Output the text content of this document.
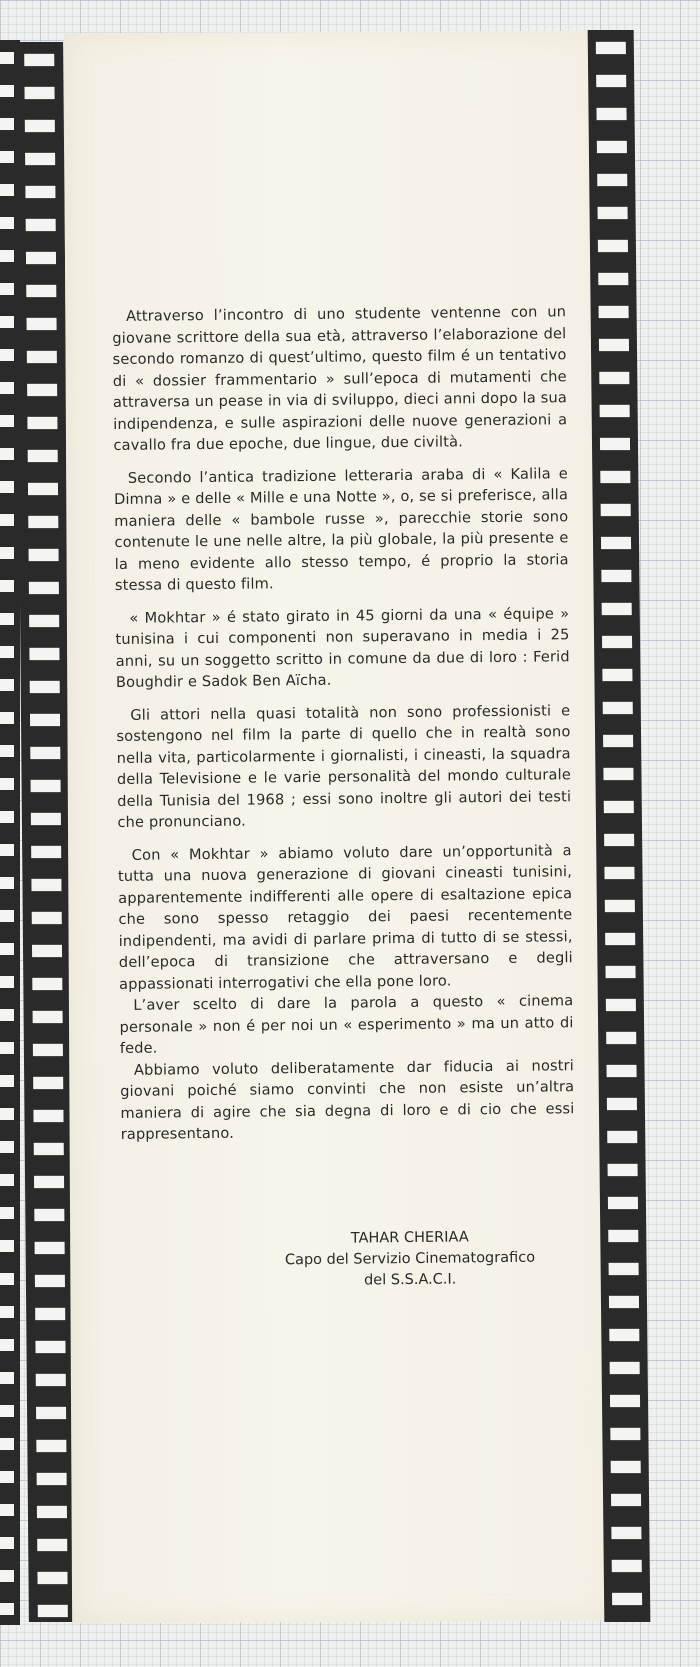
Attraverso l’incontro di uno studente ventenne con un giovane scrittore della sua età, attraverso l’elaborazione del secondo romanzo di quest’ultimo, questo film é un tentativo di « dossier frammentario » sull’epoca di mutamenti che attraversa un pease in via di sviluppo, dieci anni dopo la sua indipendenza, e sulle aspirazioni delle nuove generazioni a cavallo fra due epoche, due lingue, due civiltà.

Secondo l’antica tradizione letteraria araba di « Kalila e Dimna » e delle « Mille e una Notte », o, se si preferisce, alla maniera delle « bambole russe », parecchie storie sono contenute le une nelle altre, la più globale, la più presente e la meno evidente allo stesso tempo, é proprio la storia stessa di questo film.

« Mokhtar » é stato girato in 45 giorni da una « équipe » tunisina i cui componenti non superavano in media i 25 anni, su un soggetto scritto in comune da due di loro : Ferid Boughdir e Sadok Ben Aïcha.

Gli attori nella quasi totalità non sono professionisti e sostengono nel film la parte di quello che in realtà sono nella vita, particolarmente i giornalisti, i cineasti, la squadra della Televisione e le varie personalità del mondo culturale della Tunisia del 1968 ; essi sono inoltre gli autori dei testi che pronunciano.

Con « Mokhtar » abiamo voluto dare un’opportunità a tutta una nuova generazione di giovani cineasti tunisini, apparentemente indifferenti alle opere di esaltazione epica che sono spesso retaggio dei paesi recentemente indipendenti, ma avidi di parlare prima di tutto di se stessi, dell’epoca di transizione che attraversano e degli appassionati interrogativi che ella pone loro.

L’aver scelto di dare la parola a questo « cinema personale » non é per noi un « esperimento » ma un atto di fede.

Abbiamo voluto deliberatamente dar fiducia ai nostri giovani poiché siamo convinti che non esiste un’altra maniera di agire che sia degna di loro e di cio che essi rappresentano.

TAHAR CHERIAA
Capo del Servizio Cinematografico
del S.S.A.C.I.
